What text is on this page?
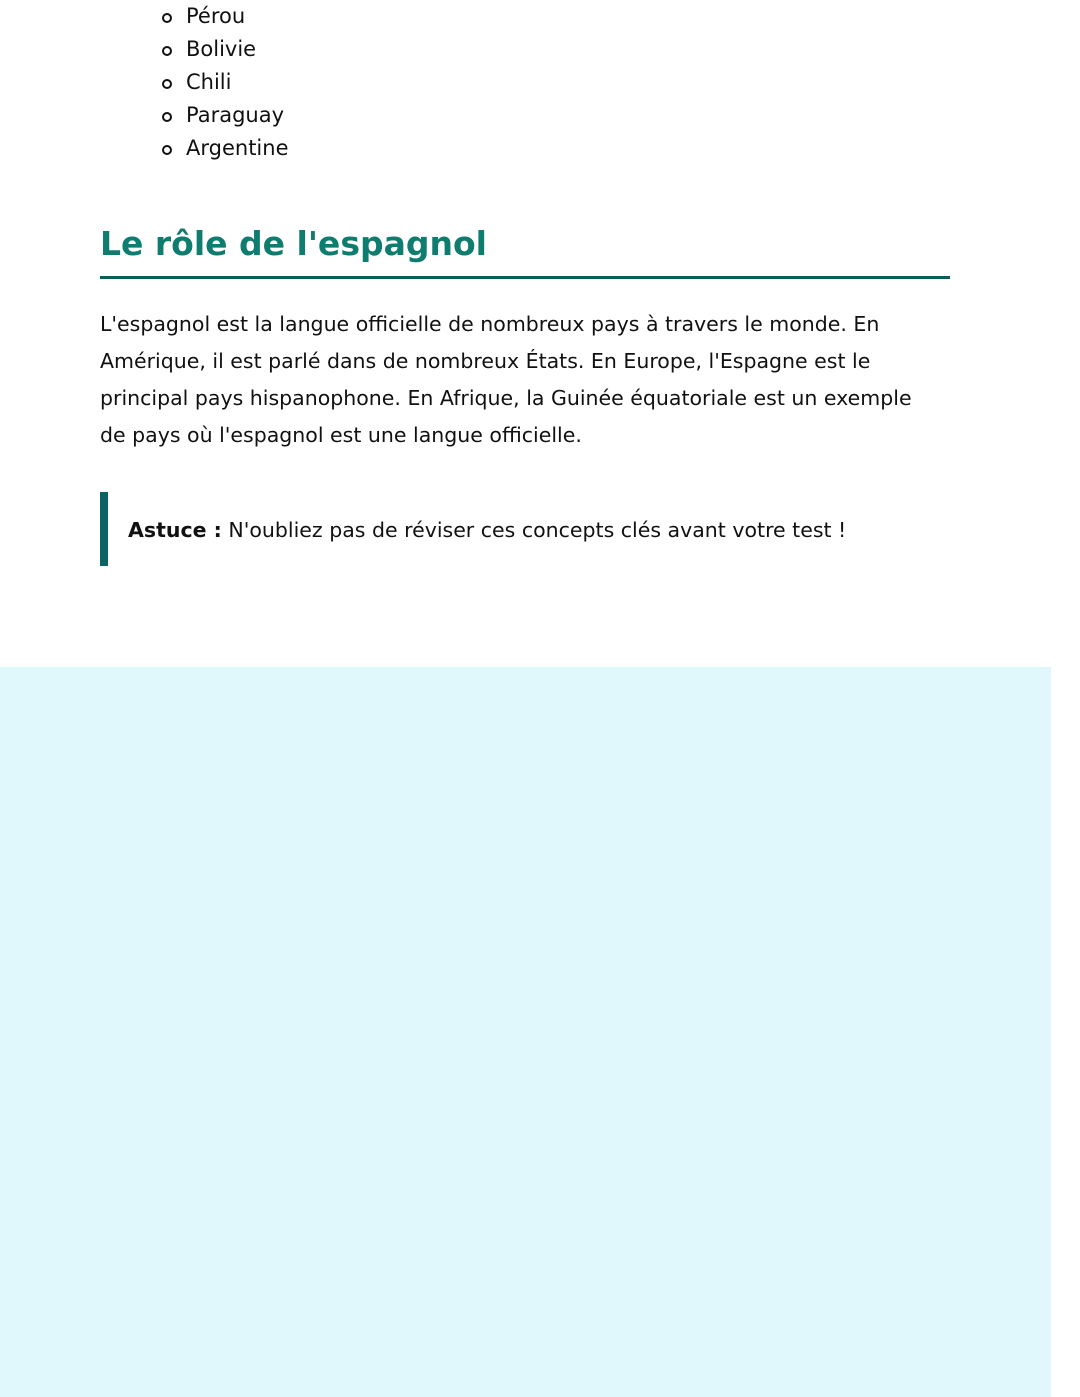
Pérou
Bolivie
Chili
Paraguay
Argentine
Le rôle de l'espagnol

L'espagnol est la langue officielle de nombreux pays à travers le monde. En Amérique, il est parlé dans de nombreux États. En Europe, l'Espagne est le principal pays hispanophone. En Afrique, la Guinée équatoriale est un exemple de pays où l'espagnol est une langue officielle.

Astuce : N'oubliez pas de réviser ces concepts clés avant votre test !
